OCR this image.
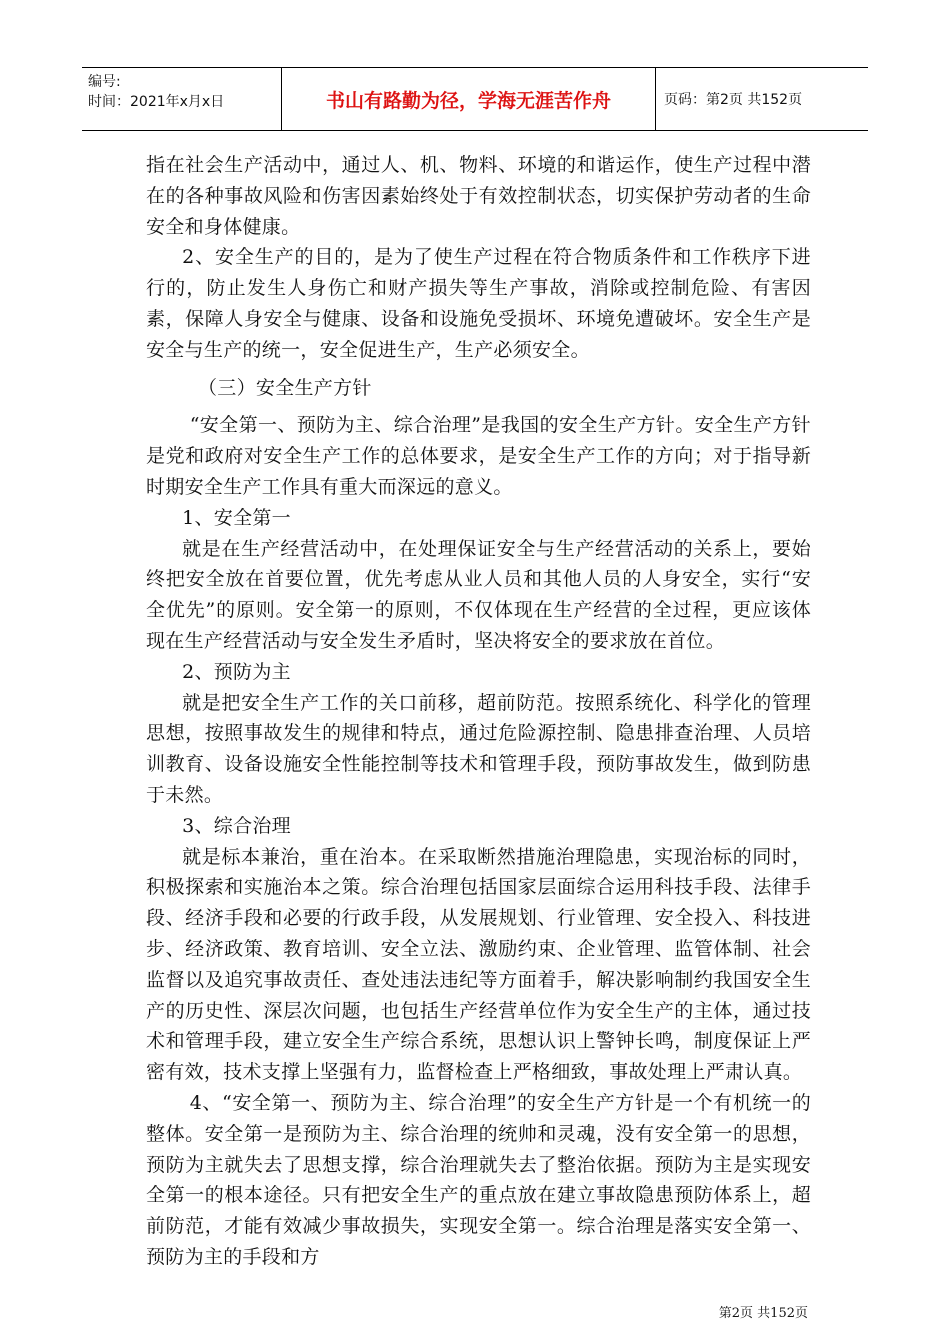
编号:
时间：2021年x月x日	书山有路勤为径，学海无涯苦作舟	页码：第2页 共152页

指在社会生产活动中，通过人、机、物料、环境的和谐运作，使生产过程中潜在的各种事故风险和伤害因素始终处于有效控制状态，切实保护劳动者的生命安全和身体健康。

2、安全生产的目的，是为了使生产过程在符合物质条件和工作秩序下进行的，防止发生人身伤亡和财产损失等生产事故，消除或控制危险、有害因素，保障人身安全与健康、设备和设施免受损坏、环境免遭破坏。安全生产是安全与生产的统一，安全促进生产，生产必须安全。

（三）安全生产方针

“安全第一、预防为主、综合治理”是我国的安全生产方针。安全生产方针是党和政府对安全生产工作的总体要求，是安全生产工作的方向；对于指导新时期安全生产工作具有重大而深远的意义。

1、安全第一

就是在生产经营活动中，在处理保证安全与生产经营活动的关系上，要始终把安全放在首要位置，优先考虑从业人员和其他人员的人身安全，实行“安全优先”的原则。安全第一的原则，不仅体现在生产经营的全过程，更应该体现在生产经营活动与安全发生矛盾时，坚决将安全的要求放在首位。

2、预防为主

就是把安全生产工作的关口前移，超前防范。按照系统化、科学化的管理思想，按照事故发生的规律和特点，通过危险源控制、隐患排查治理、人员培训教育、设备设施安全性能控制等技术和管理手段，预防事故发生，做到防患于未然。

3、综合治理

就是标本兼治，重在治本。在采取断然措施治理隐患，实现治标的同时，积极探索和实施治本之策。综合治理包括国家层面综合运用科技手段、法律手段、经济手段和必要的行政手段，从发展规划、行业管理、安全投入、科技进步、经济政策、教育培训、安全立法、激励约束、企业管理、监管体制、社会监督以及追究事故责任、查处违法违纪等方面着手，解决影响制约我国安全生产的历史性、深层次问题，也包括生产经营单位作为安全生产的主体，通过技术和管理手段，建立安全生产综合系统，思想认识上警钟长鸣，制度保证上严密有效，技术支撑上坚强有力，监督检查上严格细致，事故处理上严肃认真。

4、“安全第一、预防为主、综合治理”的安全生产方针是一个有机统一的整体。安全第一是预防为主、综合治理的统帅和灵魂，没有安全第一的思想，预防为主就失去了思想支撑，综合治理就失去了整治依据。预防为主是实现安全第一的根本途径。只有把安全生产的重点放在建立事故隐患预防体系上，超前防范，才能有效减少事故损失，实现安全第一。综合治理是落实安全第一、预防为主的手段和方

第2页 共152页
